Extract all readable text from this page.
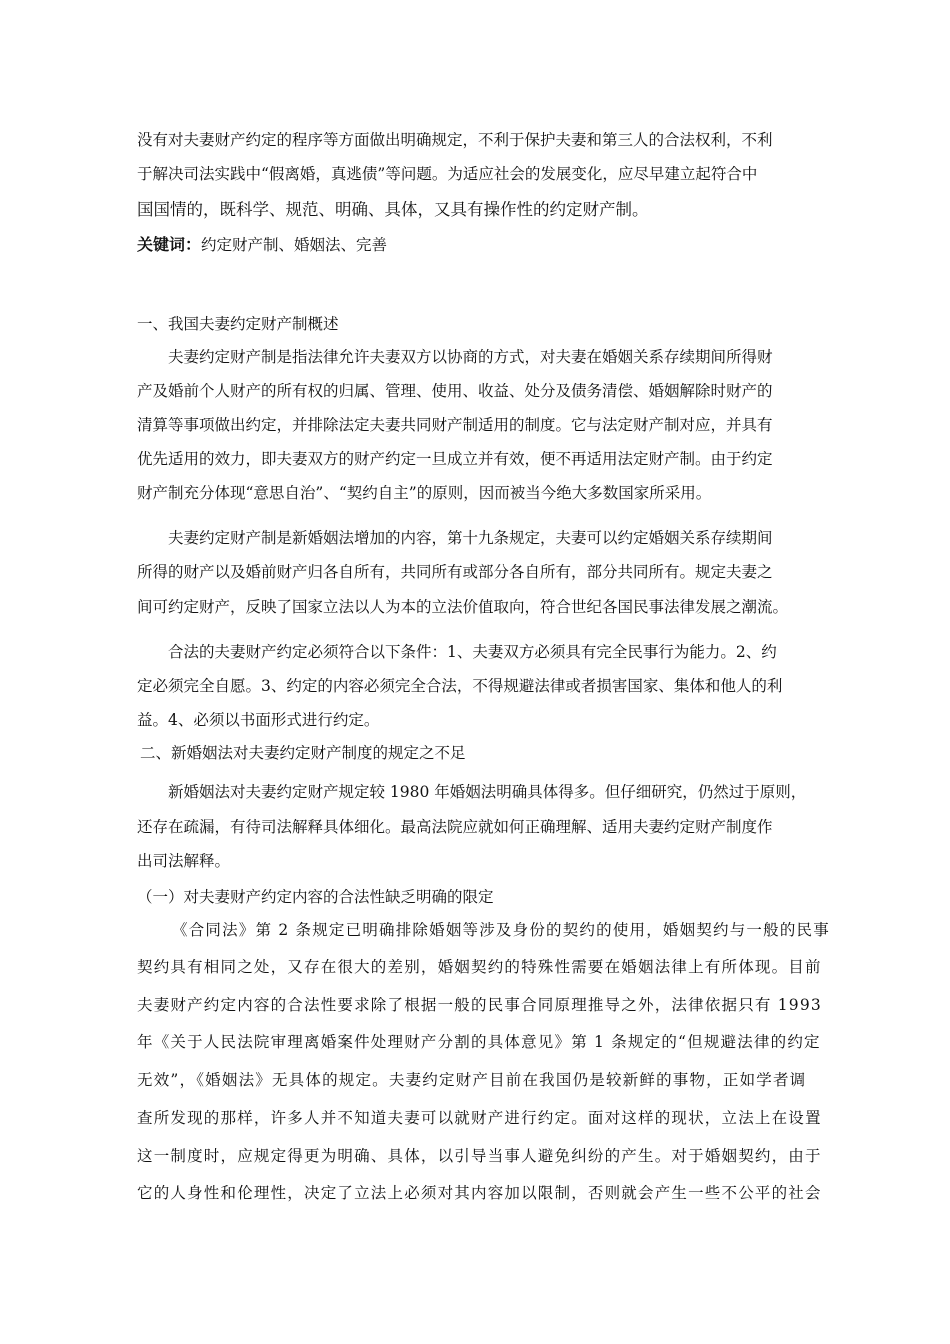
没有对夫妻财产约定的程序等方面做出明确规定，不利于保护夫妻和第三人的合法权利，不利

于解决司法实践中“假离婚，真逃债”等问题。为适应社会的发展变化，应尽早建立起符合中

国国情的，既科学、规范、明确、具体，又具有操作性的约定财产制。

关键词：约定财产制、婚姻法、完善

一、我国夫妻约定财产制概述

夫妻约定财产制是指法律允许夫妻双方以协商的方式，对夫妻在婚姻关系存续期间所得财

产及婚前个人财产的所有权的归属、管理、使用、收益、处分及债务清偿、婚姻解除时财产的

清算等事项做出约定，并排除法定夫妻共同财产制适用的制度。它与法定财产制对应，并具有

优先适用的效力，即夫妻双方的财产约定一旦成立并有效，便不再适用法定财产制。由于约定

财产制充分体现“意思自治”、“契约自主”的原则，因而被当今绝大多数国家所采用。

夫妻约定财产制是新婚姻法增加的内容，第十九条规定，夫妻可以约定婚姻关系存续期间

所得的财产以及婚前财产归各自所有，共同所有或部分各自所有，部分共同所有。规定夫妻之

间可约定财产，反映了国家立法以人为本的立法价值取向，符合世纪各国民事法律发展之潮流。

合法的夫妻财产约定必须符合以下条件：1、夫妻双方必须具有完全民事行为能力。2、约

定必须完全自愿。3、约定的内容必须完全合法，不得规避法律或者损害国家、集体和他人的利

益。4、必须以书面形式进行约定。

二、新婚姻法对夫妻约定财产制度的规定之不足

新婚姻法对夫妻约定财产规定较 1980 年婚姻法明确具体得多。但仔细研究，仍然过于原则，

还存在疏漏，有待司法解释具体细化。最高法院应就如何正确理解、适用夫妻约定财产制度作

出司法解释。

（一）对夫妻财产约定内容的合法性缺乏明确的限定

《合同法》第 2 条规定已明确排除婚姻等涉及身份的契约的使用，婚姻契约与一般的民事

契约具有相同之处，又存在很大的差别，婚姻契约的特殊性需要在婚姻法律上有所体现。目前

夫妻财产约定内容的合法性要求除了根据一般的民事合同原理推导之外，法律依据只有 1993

年《关于人民法院审理离婚案件处理财产分割的具体意见》第 1 条规定的“但规避法律的约定

无效”，《婚姻法》无具体的规定。夫妻约定财产目前在我国仍是较新鲜的事物，正如学者调

查所发现的那样，许多人并不知道夫妻可以就财产进行约定。面对这样的现状，立法上在设置

这一制度时，应规定得更为明确、具体，以引导当事人避免纠纷的产生。对于婚姻契约，由于

它的人身性和伦理性，决定了立法上必须对其内容加以限制，否则就会产生一些不公平的社会
